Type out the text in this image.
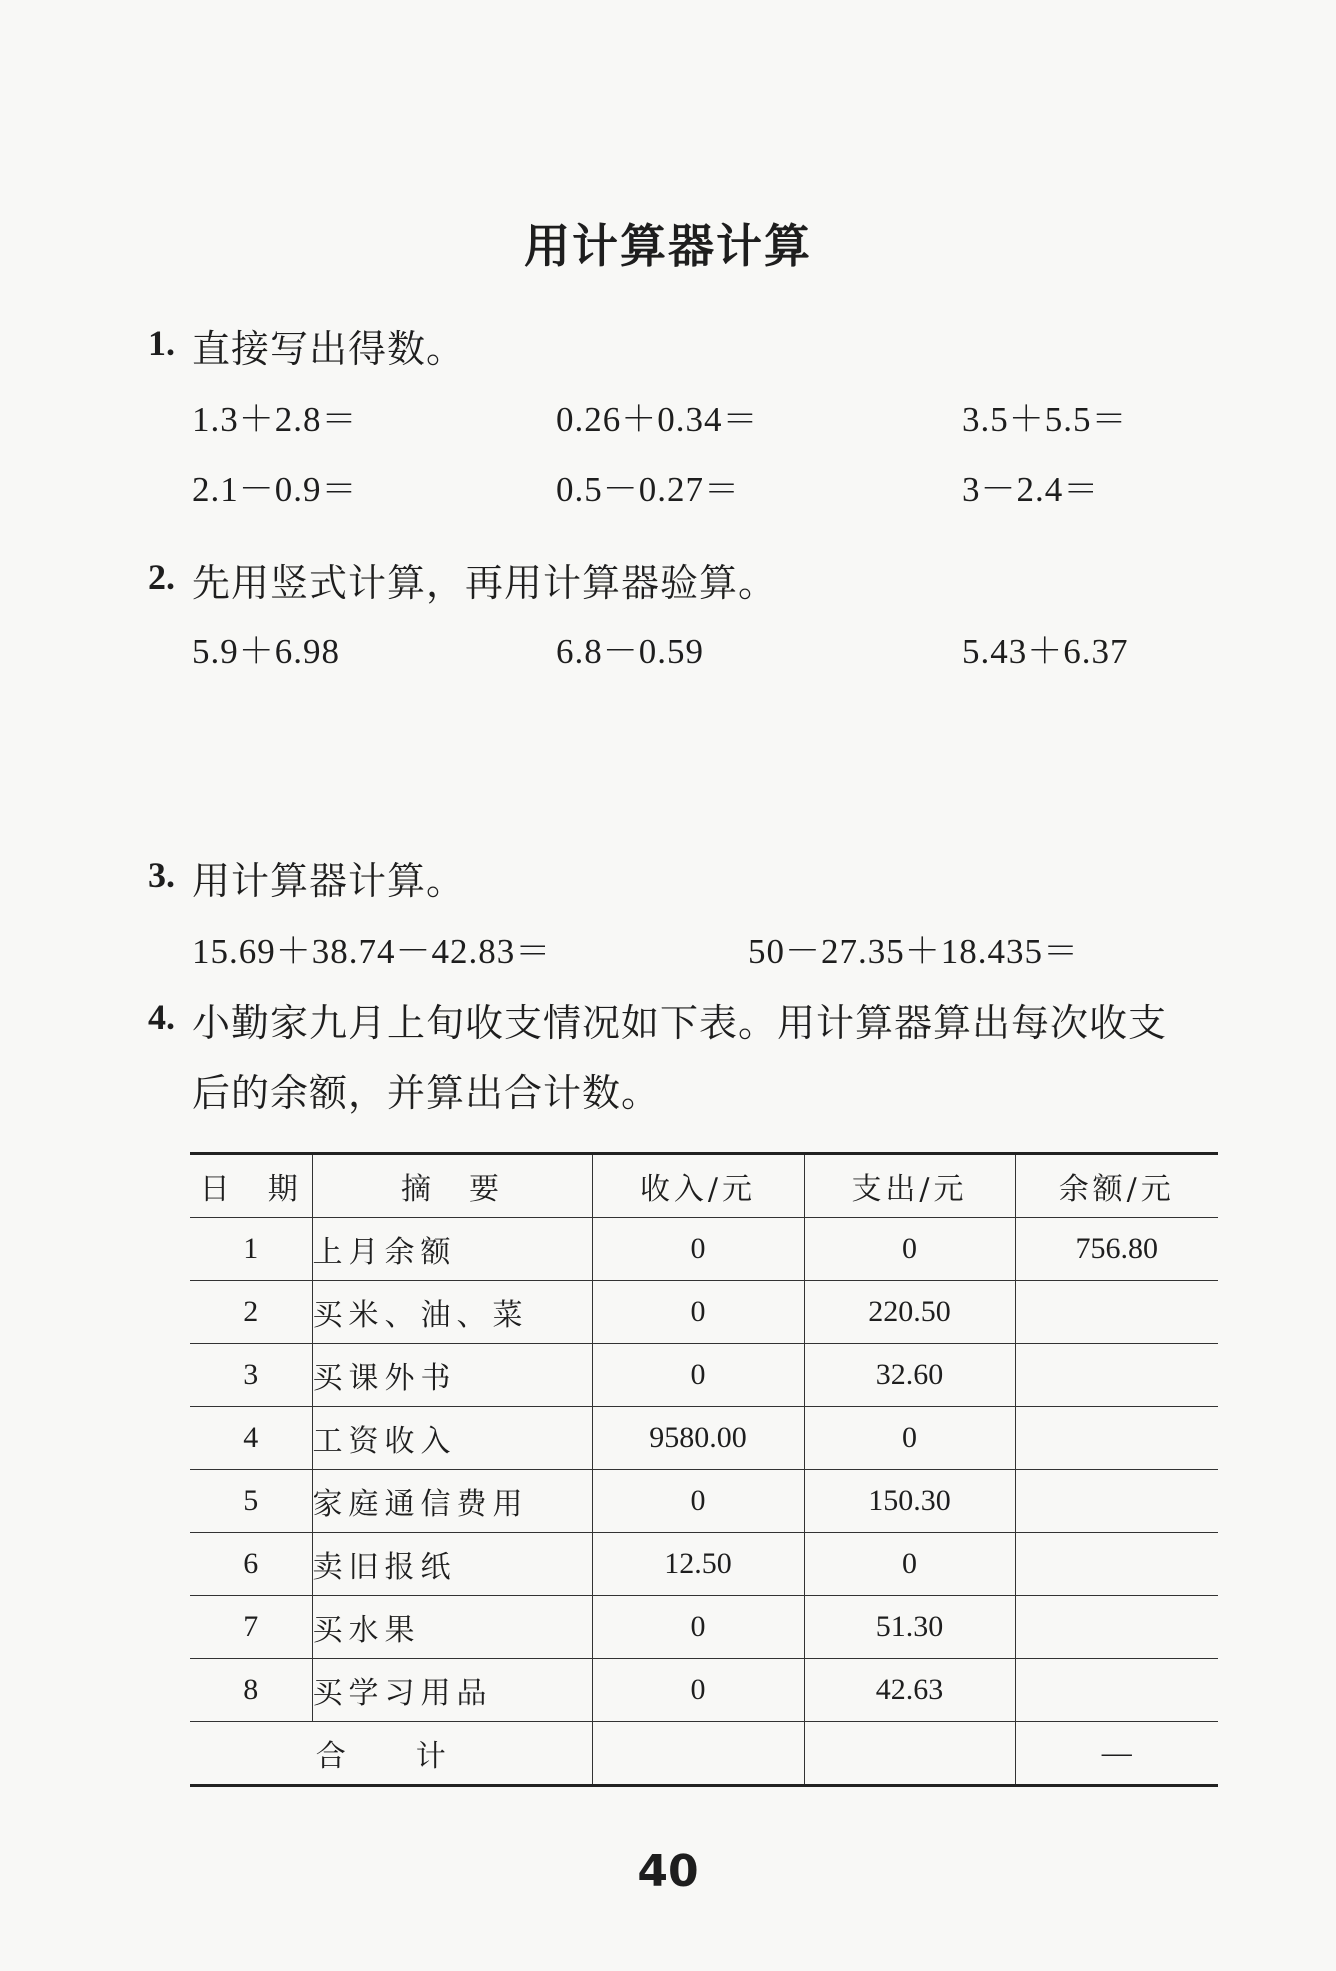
用计算器计算
1. 直接写出得数。
1.3＋2.8＝	0.26＋0.34＝	3.5＋5.5＝
2.1－0.9＝	0.5－0.27＝	3－2.4＝
2. 先用竖式计算，再用计算器验算。
5.9＋6.98	6.8－0.59	5.43＋6.37
3. 用计算器计算。
15.69＋38.74－42.83＝	50－27.35＋18.435＝
4. 小勤家九月上旬收支情况如下表。用计算器算出每次收支
后的余额，并算出合计数。
日　期	摘　要	收入/元	支出/元	余额/元
1	上月余额	0	0	756.80
2	买米、油、菜	0	220.50	
3	买课外书	0	32.60	
4	工资收入	9580.00	0	
5	家庭通信费用	0	150.30	
6	卖旧报纸	12.50	0	
7	买水果	0	51.30	
8	买学习用品	0	42.63	
合　计				—
40
